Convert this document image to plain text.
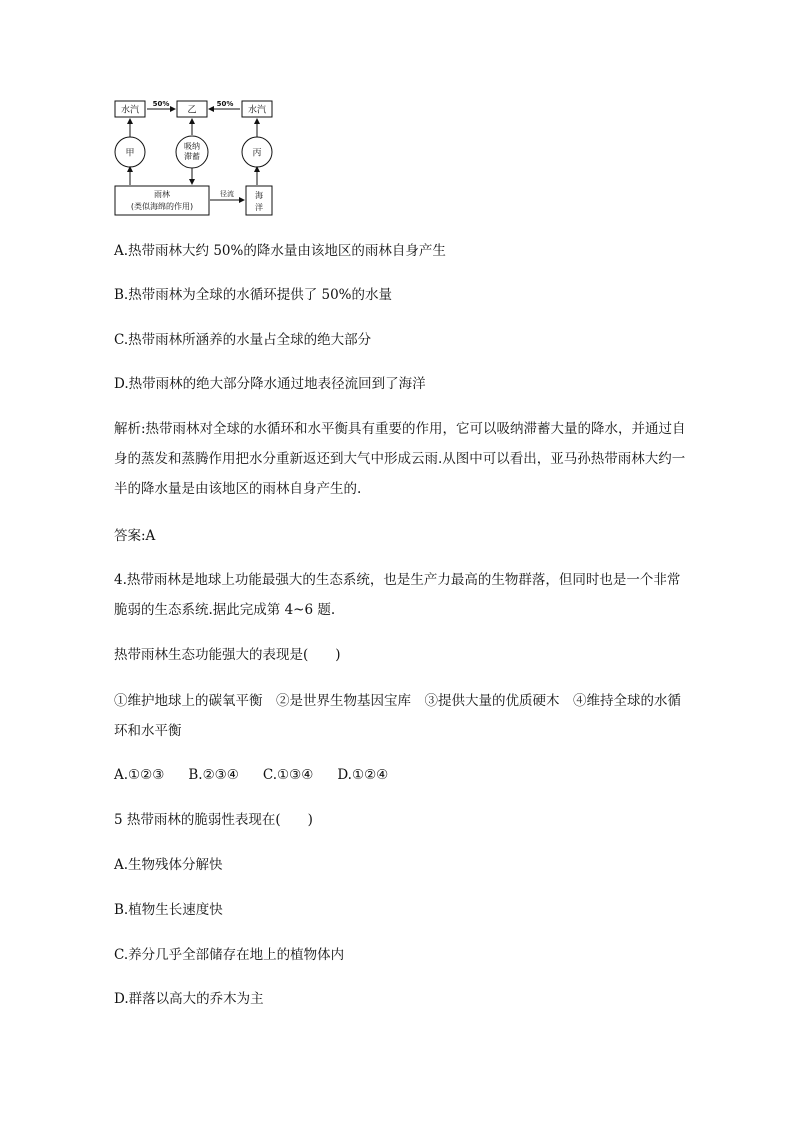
水汽	乙	水汽
50%	50%
甲
吸纳
滞蓄	丙
雨林
(类似海绵的作用)
径流	海
洋

A.热带雨林大约 50%的降水量由该地区的雨林自身产生

B.热带雨林为全球的水循环提供了 50%的水量

C.热带雨林所涵养的水量占全球的绝大部分

D.热带雨林的绝大部分降水通过地表径流回到了海洋

解析:热带雨林对全球的水循环和水平衡具有重要的作用，它可以吸纳滞蓄大量的降水，并通过自身的蒸发和蒸腾作用把水分重新返还到大气中形成云雨.从图中可以看出，亚马孙热带雨林大约一半的降水量是由该地区的雨林自身产生的.

答案:A

4.热带雨林是地球上功能最强大的生态系统，也是生产力最高的生物群落，但同时也是一个非常脆弱的生态系统.据此完成第 4~6 题.

热带雨林生态功能强大的表现是(　　)

①维护地球上的碳氧平衡　②是世界生物基因宝库　③提供大量的优质硬木　④维持全球的水循环和水平衡

A.①②③ B.②③④ C.①③④ D.①②④

5 热带雨林的脆弱性表现在(　　)

A.生物残体分解快

B.植物生长速度快

C.养分几乎全部储存在地上的植物体内

D.群落以高大的乔木为主
